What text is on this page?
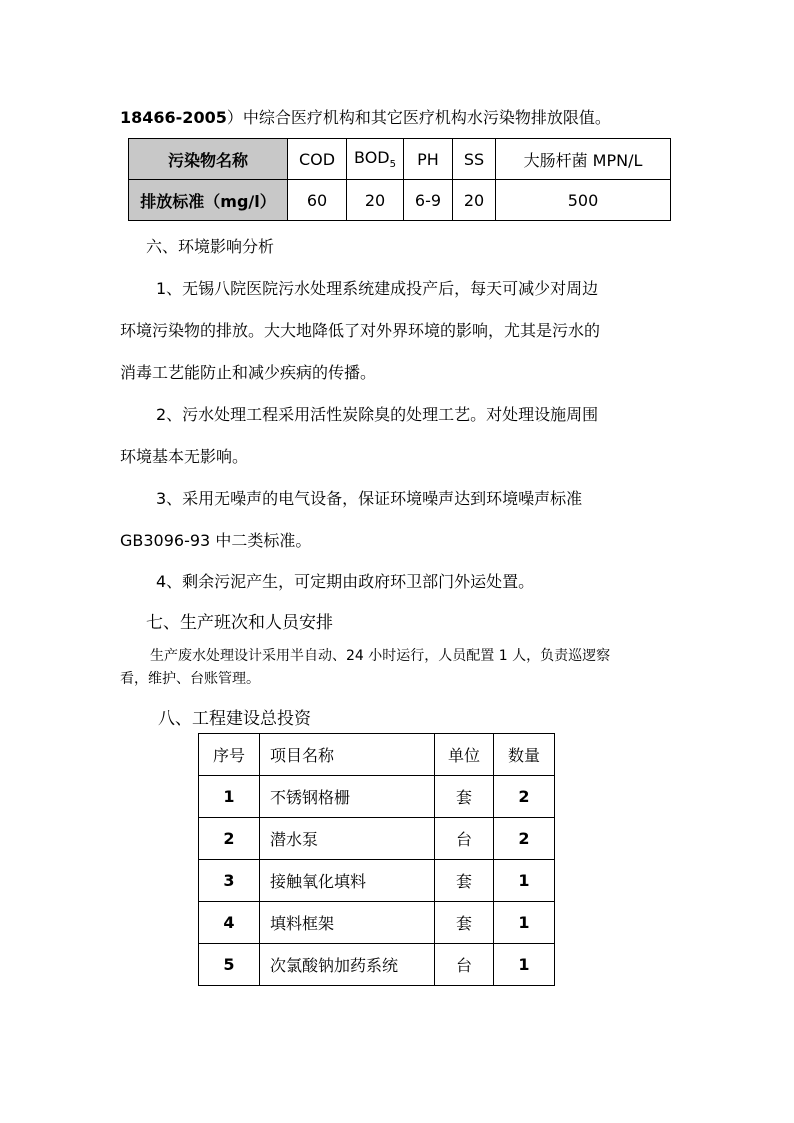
18466-2005）中综合医疗机构和其它医疗机构水污染物排放限值。
污染物名称	COD	$BOD_5$	PH	SS	大肠杆菌 MPN/L
排放标准（mg/l）	60	20	6-9	20	500
六、环境影响分析
1、无锡八院医院污水处理系统建成投产后，每天可减少对周边
环境污染物的排放。大大地降低了对外界环境的影响，尤其是污水的
消毒工艺能防止和减少疾病的传播。
2、污水处理工程采用活性炭除臭的处理工艺。对处理设施周围
环境基本无影响。
3、采用无噪声的电气设备，保证环境噪声达到环境噪声标准
GB3096-93 中二类标准。
4、剩余污泥产生，可定期由政府环卫部门外运处置。
七、生产班次和人员安排
生产废水处理设计采用半自动、24 小时运行，人员配置 1 人，负责巡逻察
看，维护、台账管理。
八、工程建设总投资
序号	项目名称	单位	数量
1	不锈钢格栅	套	2
2	潜水泵	台	2
3	接触氧化填料	套	1
4	填料框架	套	1
5	次氯酸钠加药系统	台	1
